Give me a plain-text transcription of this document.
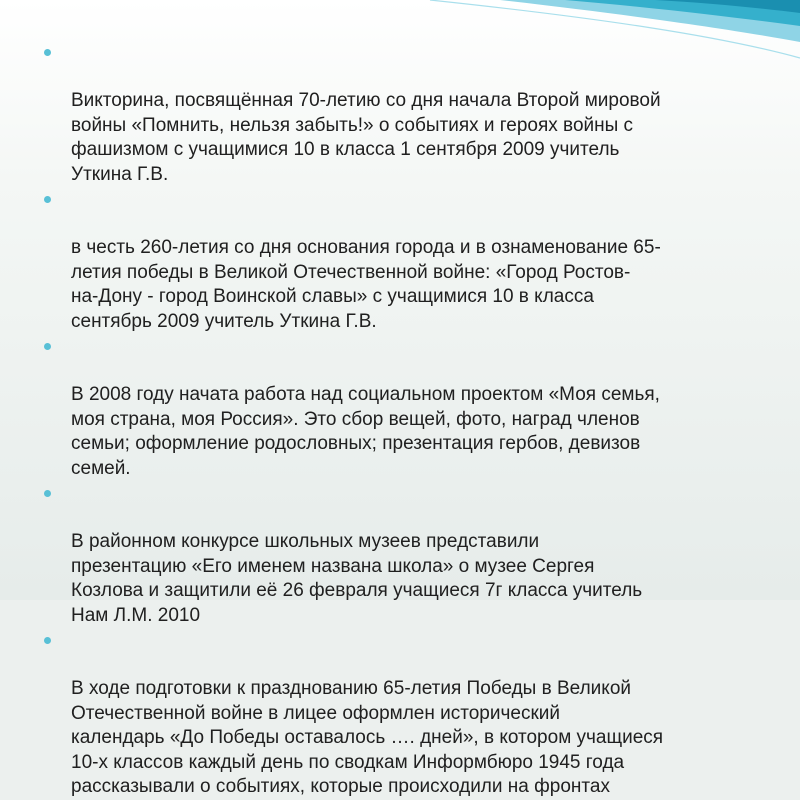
Викторина, посвящённая 70-летию со дня начала Второй мировой
войны «Помнить, нельзя забыть!» о событиях и героях войны с
фашизмом с учащимися 10 в класса 1 сентября 2009 учитель
Уткина Г.В.

в честь 260-летия со дня основания города и в ознаменование 65-
летия победы в Великой Отечественной войне: «Город Ростов-
на-Дону - город Воинской славы» с учащимися 10 в класса
сентябрь 2009 учитель Уткина Г.В.

В 2008 году начата работа над социальном проектом «Моя семья,
моя страна, моя Россия». Это сбор вещей, фото, наград членов
семьи; оформление родословных; презентация гербов, девизов
семей.

В районном конкурсе школьных музеев представили
презентацию «Его именем названа школа» о музее Сергея
Козлова и защитили её 26 февраля учащиеся 7г класса учитель
Нам Л.М. 2010

В ходе подготовки к празднованию 65-летия Победы в Великой
Отечественной войне в лицее оформлен исторический
календарь «До Победы оставалось …. дней», в котором учащиеся
10-х классов каждый день по сводкам Информбюро 1945 года
рассказывали о событиях, которые происходили на фронтах
